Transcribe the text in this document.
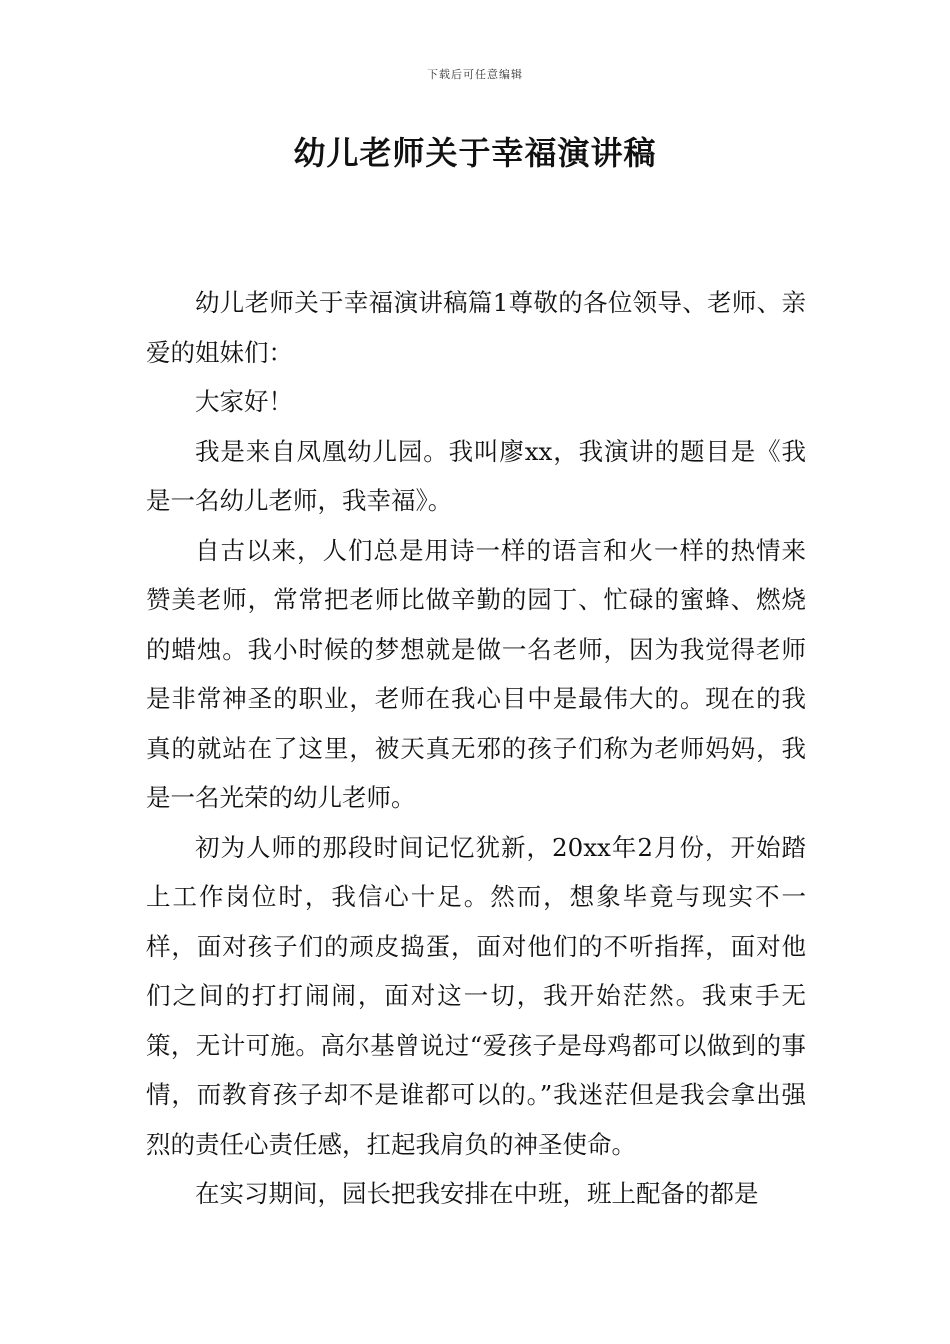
下载后可任意编辑
幼儿老师关于幸福演讲稿

幼儿老师关于幸福演讲稿篇1尊敬的各位领导、老师、亲爱的姐妹们：

大家好！

我是来自凤凰幼儿园。我叫廖xx，我演讲的题目是《我是一名幼儿老师，我幸福》。

自古以来，人们总是用诗一样的语言和火一样的热情来赞美老师，常常把老师比做辛勤的园丁、忙碌的蜜蜂、燃烧的蜡烛。我小时候的梦想就是做一名老师，因为我觉得老师是非常神圣的职业，老师在我心目中是最伟大的。现在的我真的就站在了这里，被天真无邪的孩子们称为老师妈妈，我是一名光荣的幼儿老师。

初为人师的那段时间记忆犹新，20xx年2月份，开始踏上工作岗位时，我信心十足。然而，想象毕竟与现实不一样，面对孩子们的顽皮捣蛋，面对他们的不听指挥，面对他们之间的打打闹闹，面对这一切，我开始茫然。我束手无策，无计可施。高尔基曾说过“爱孩子是母鸡都可以做到的事情，而教育孩子却不是谁都可以的。”我迷茫但是我会拿出强烈的责任心责任感，扛起我肩负的神圣使命。

在实习期间，园长把我安排在中班，班上配备的都是
